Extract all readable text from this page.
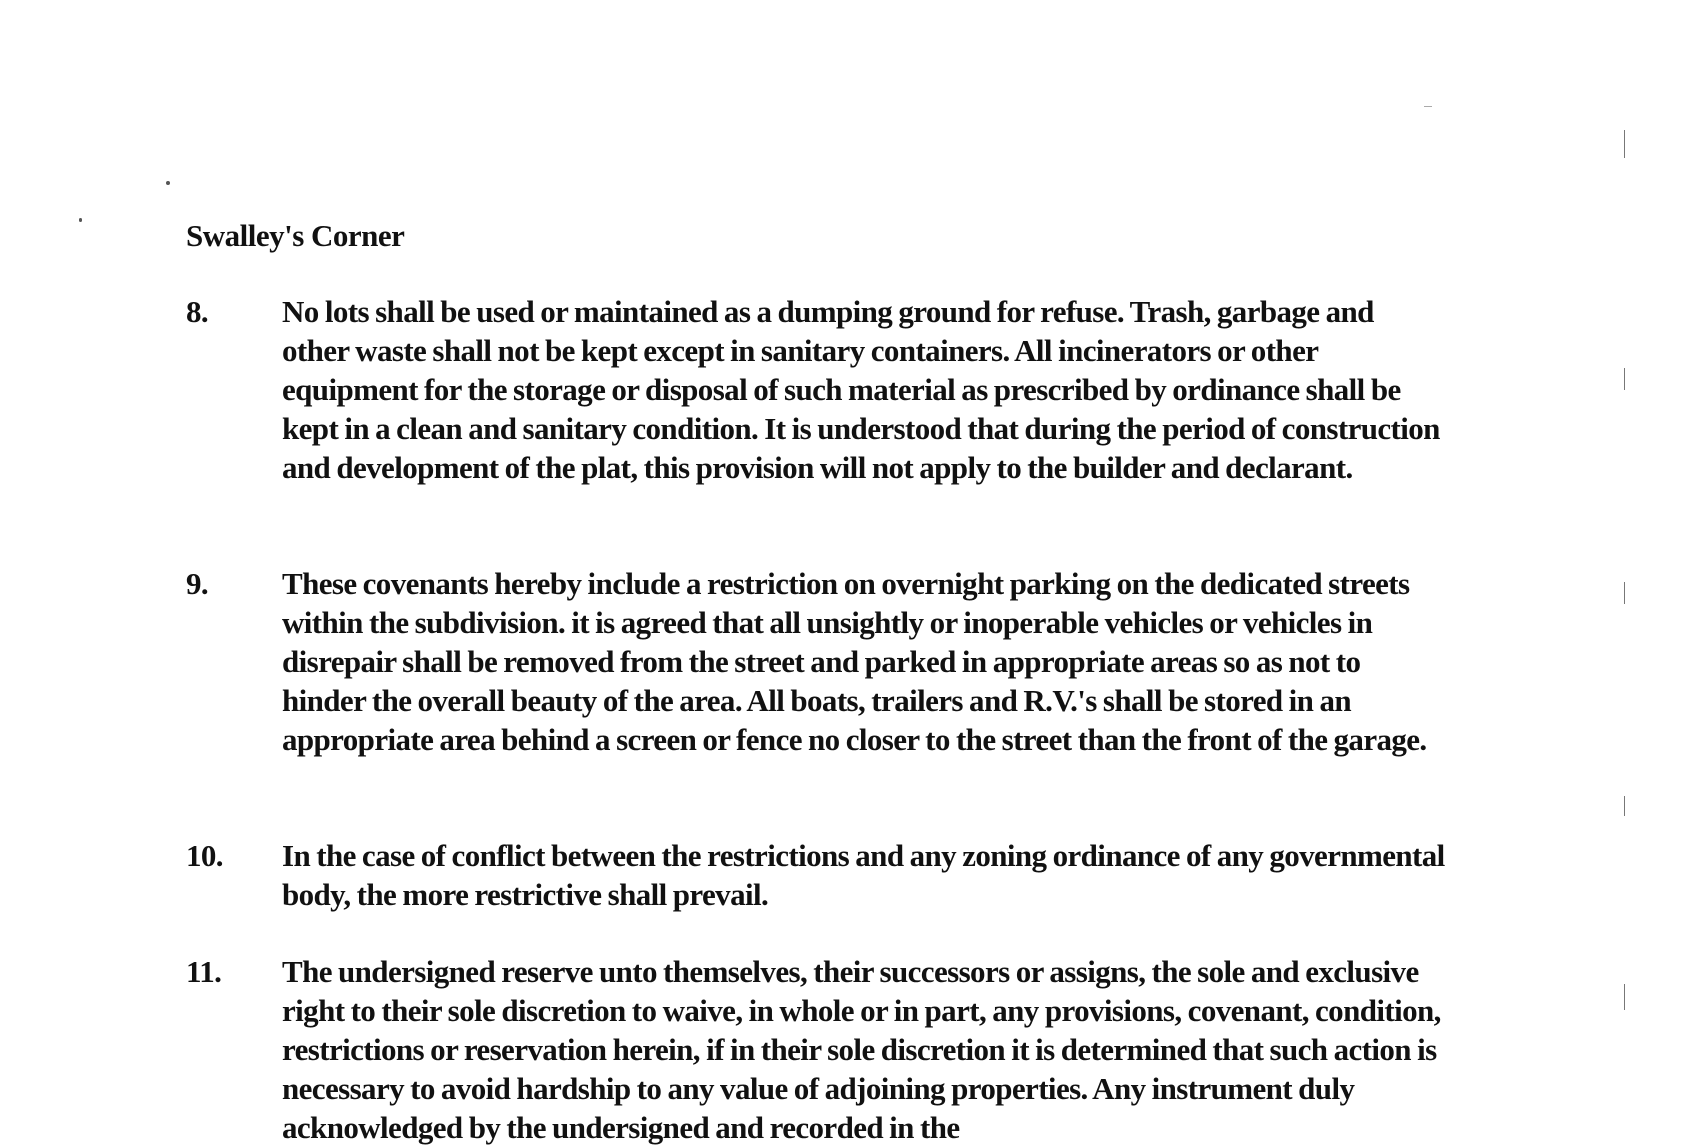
Swalley's Corner
8. No lots shall be used or maintained as a dumping ground for refuse. Trash, garbage and other waste shall not be kept except in sanitary containers. All incinerators or other equipment for the storage or disposal of such material as prescribed by ordinance shall be kept in a clean and sanitary condition. It is understood that during the period of construction and development of the plat, this provision will not apply to the builder and declarant.
9. These covenants hereby include a restriction on overnight parking on the dedicated streets within the subdivision. it is agreed that all unsightly or inoperable vehicles or vehicles in disrepair shall be removed from the street and parked in appropriate areas so as not to hinder the overall beauty of the area. All boats, trailers and R.V.'s shall be stored in an appropriate area behind a screen or fence no closer to the street than the front of the garage.
10. In the case of conflict between the restrictions and any zoning ordinance of any governmental body, the more restrictive shall prevail.
11. The undersigned reserve unto themselves, their successors or assigns, the sole and exclusive right to their sole discretion to waive, in whole or in part, any provisions, covenant, condition, restrictions or reservation herein, if in their sole discretion it is determined that such action is necessary to avoid hardship to any value of adjoining properties. Any instrument duly acknowledged by the undersigned and recorded in the
